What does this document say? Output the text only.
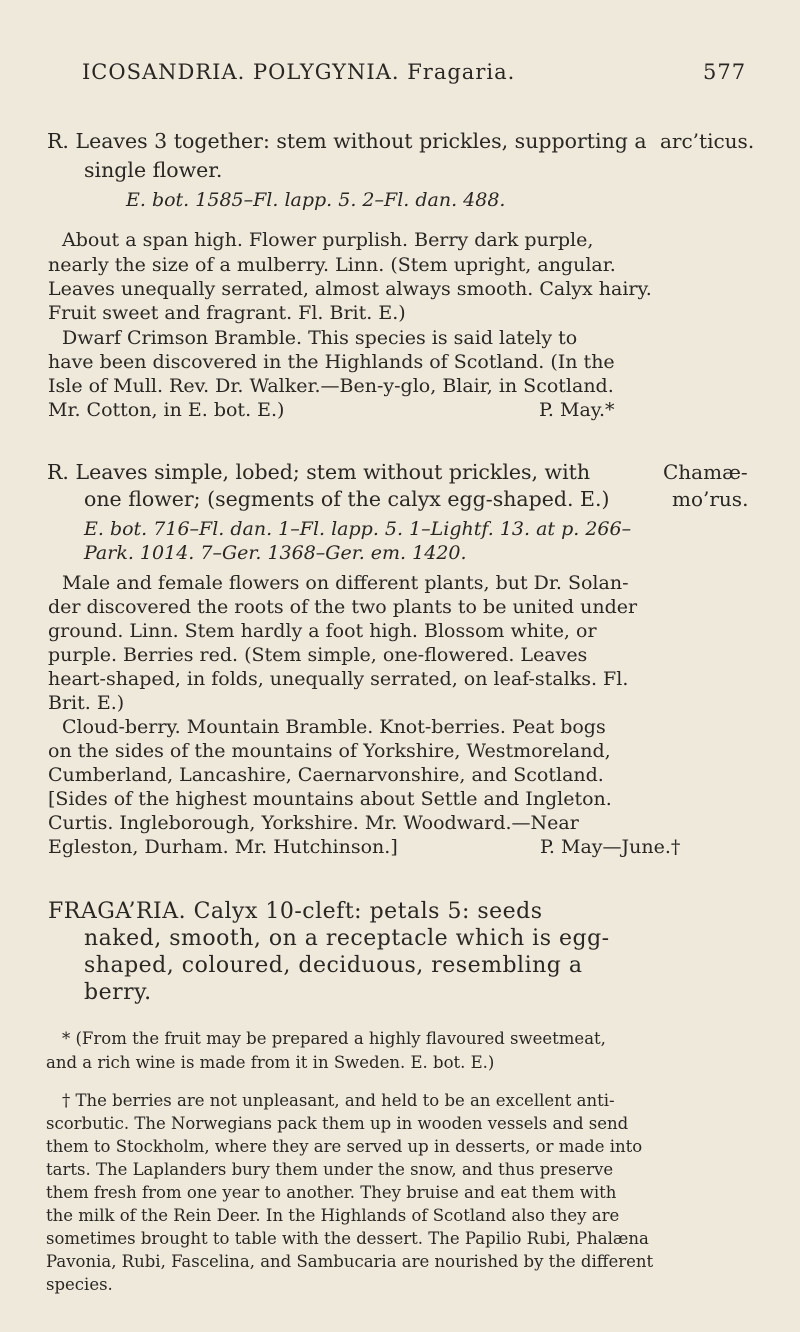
ICOSANDRIA. POLYGYNIA. Fragaria.	577
R. Leaves 3 together: stem without prickles, supporting a arc’ticus.
single flower.
E. bot. 1585–Fl. lapp. 5. 2–Fl. dan. 488.
About a span high. Flower purplish. Berry dark purple,
nearly the size of a mulberry. Linn. (Stem upright, angular.
Leaves unequally serrated, almost always smooth. Calyx hairy.
Fruit sweet and fragrant. Fl. Brit. E.)
Dwarf Crimson Bramble. This species is said lately to
have been discovered in the Highlands of Scotland. (In the
Isle of Mull. Rev. Dr. Walker.—Ben-y-glo, Blair, in Scotland.
Mr. Cotton, in E. bot. E.)	P. May.*
R. Leaves simple, lobed; stem without prickles, with	Chamæ-
one flower; (segments of the calyx egg-shaped. E.)	mo’rus.
E. bot. 716–Fl. dan. 1–Fl. lapp. 5. 1–Lightf. 13. at p. 266–
Park. 1014. 7–Ger. 1368–Ger. em. 1420.
Male and female flowers on different plants, but Dr. Solan-
der discovered the roots of the two plants to be united under
ground. Linn. Stem hardly a foot high. Blossom white, or
purple. Berries red. (Stem simple, one-flowered. Leaves
heart-shaped, in folds, unequally serrated, on leaf-stalks. Fl.
Brit. E.)
Cloud-berry. Mountain Bramble. Knot-berries. Peat bogs
on the sides of the mountains of Yorkshire, Westmoreland,
Cumberland, Lancashire, Caernarvonshire, and Scotland.
[Sides of the highest mountains about Settle and Ingleton.
Curtis. Ingleborough, Yorkshire. Mr. Woodward.—Near
Egleston, Durham. Mr. Hutchinson.]	P. May—June.†
FRAGA’RIA. Calyx 10-cleft: petals 5: seeds
naked, smooth, on a receptacle which is egg-
shaped, coloured, deciduous, resembling a
berry.
* (From the fruit may be prepared a highly flavoured sweetmeat,
and a rich wine is made from it in Sweden. E. bot. E.)
† The berries are not unpleasant, and held to be an excellent anti-
scorbutic. The Norwegians pack them up in wooden vessels and send
them to Stockholm, where they are served up in desserts, or made into
tarts. The Laplanders bury them under the snow, and thus preserve
them fresh from one year to another. They bruise and eat them with
the milk of the Rein Deer. In the Highlands of Scotland also they are
sometimes brought to table with the dessert. The Papilio Rubi, Phalæna
Pavonia, Rubi, Fascelina, and Sambucaria are nourished by the different
species.
